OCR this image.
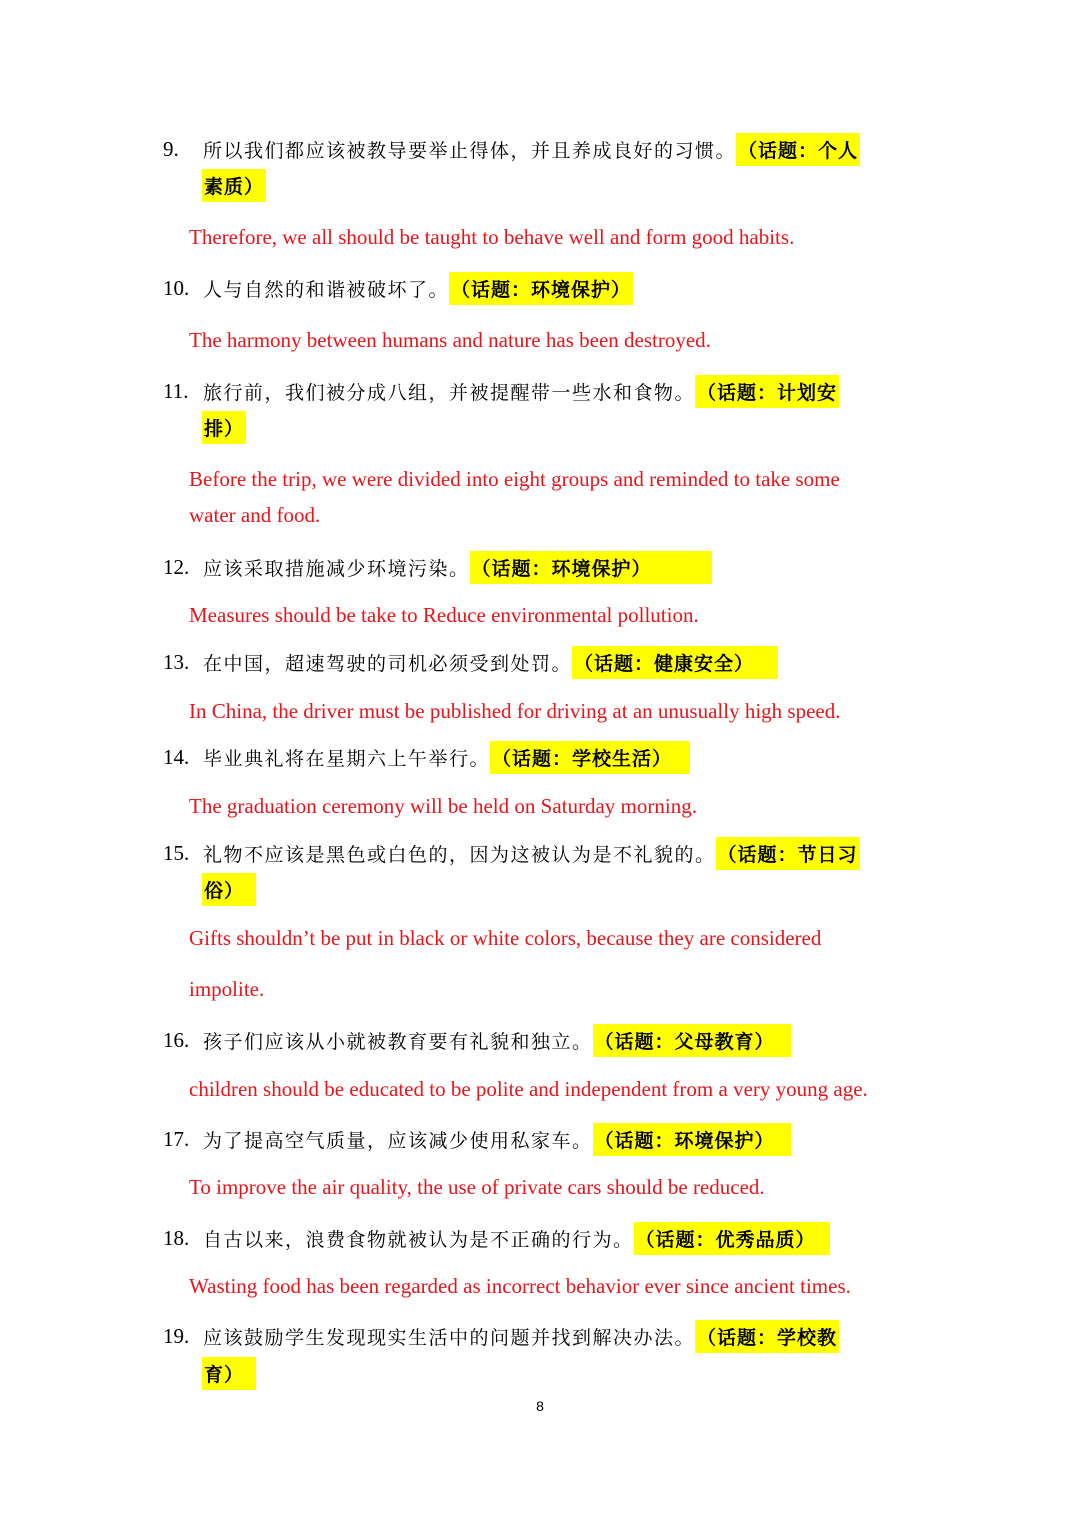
9.	所以我们都应该被教导要举止得体，并且养成良好的习惯。 （话题：个人
素质）
Therefore, we all should be taught to behave well and form good habits.
10. 人与自然的和谐被破坏了。 （话题：环境保护）
The harmony between humans and nature has been destroyed.
11. 旅行前，我们被分成八组，并被提醒带一些水和食物。 （话题：计划安
排）
Before the trip, we were divided into eight groups and reminded to take some
water and food.
12. 应该采取措施减少环境污染。 （话题：环境保护）
Measures should be take to Reduce environmental pollution.
13. 在中国，超速驾驶的司机必须受到处罚。 （话题：健康安全）
In China, the driver must be published for driving at an unusually high speed.
14. 毕业典礼将在星期六上午举行。 （话题：学校生活）
The graduation ceremony will be held on Saturday morning.
15. 礼物不应该是黑色或白色的，因为这被认为是不礼貌的。 （话题：节日习
俗）
Gifts shouldn’t be put in black or white colors, because they are considered
impolite.
16. 孩子们应该从小就被教育要有礼貌和独立。 （话题：父母教育）
children should be educated to be polite and independent from a very young age.
17. 为了提高空气质量，应该减少使用私家车。 （话题：环境保护）
To improve the air quality, the use of private cars should be reduced.
18. 自古以来，浪费食物就被认为是不正确的行为。 （话题：优秀品质）
Wasting food has been regarded as incorrect behavior ever since ancient times.
19. 应该鼓励学生发现现实生活中的问题并找到解决办法。 （话题：学校教
育）
8
